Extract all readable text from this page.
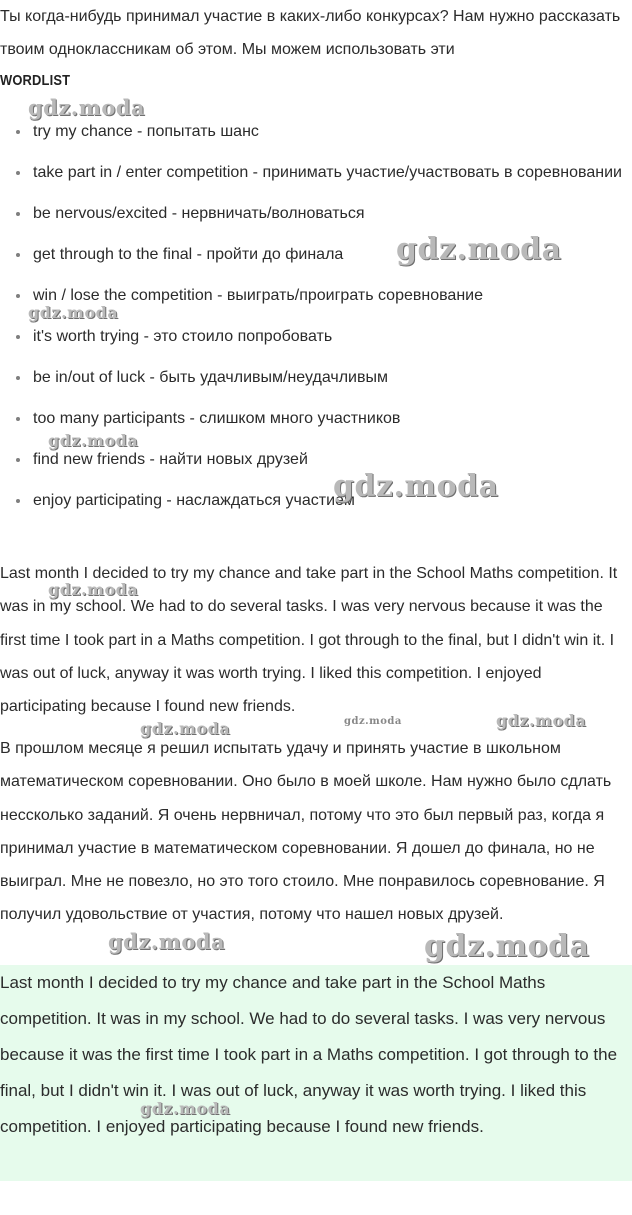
Ты когда-нибудь принимал участие в каких-либо конкурсах? Нам нужно рассказать твоим одноклассникам об этом. Мы можем использовать эти

WORDLIST
try my chance - попытать шанс
take part in / enter competition - принимать участие/участвовать в соревновании
be nervous/excited - нервничать/волноваться
get through to the final - пройти до финала
win / lose the competition - выиграть/проиграть соревнование
it's worth trying - это стоило попробовать
be in/out of luck - быть удачливым/неудачливым
too many participants - слишком много участников
find new friends - найти новых друзей
enjoy participating - наслаждаться участием

Last month I decided to try my chance and take part in the School Maths competition. It was in my school. We had to do several tasks. I was very nervous because it was the first time I took part in a Maths competition. I got through to the final, but I didn't win it. I was out of luck, anyway it was worth trying. I liked this competition. I enjoyed participating because I found new friends.

В прошлом месяце я решил испытать удачу и принять участие в школьном математическом соревновании. Оно было в моей школе. Нам нужно было сдлать нессколько заданий. Я очень нервничал, потому что это был первый раз, когда я принимал участие в математическом соревновании. Я дошел до финала, но не выиграл. Мне не повезло, но это того стоило. Мне понравилось соревнование. Я получил удовольствие от участия, потому что нашел новых друзей.

Last month I decided to try my chance and take part in the School Maths competition. It was in my school. We had to do several tasks. I was very nervous because it was the first time I took part in a Maths competition. I got through to the final, but I didn't win it. I was out of luck, anyway it was worth trying. I liked this competition. I enjoyed participating because I found new friends.

gdz.moda
gdz.moda
gdz.moda
gdz.moda
gdz.moda
gdz.moda
gdz.moda	gdz.moda	gdz.moda
gdz.moda	gdz.moda
gdz.moda
